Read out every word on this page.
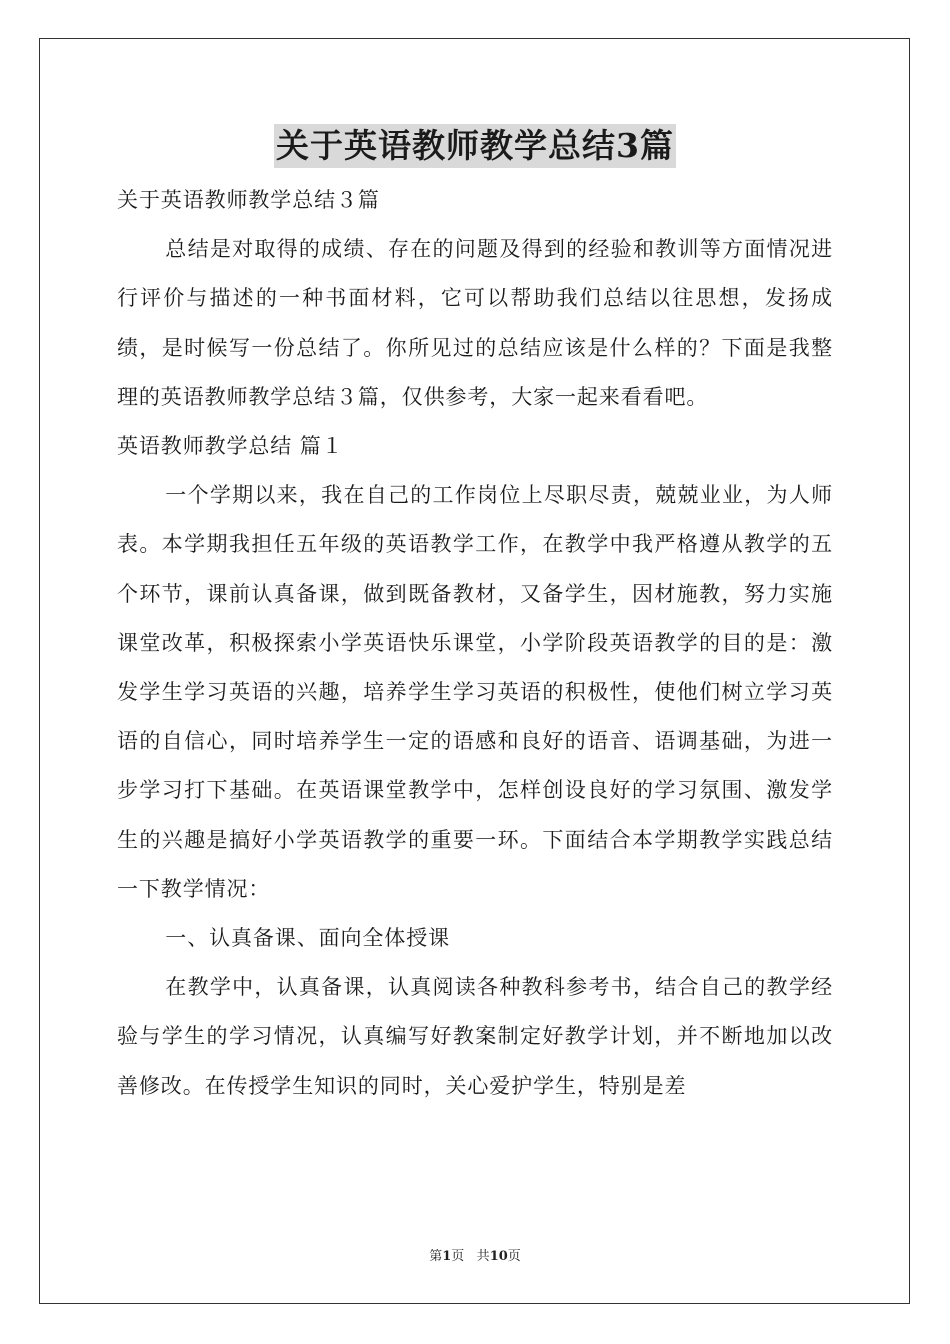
关于英语教师教学总结3篇

关于英语教师教学总结３篇

总结是对取得的成绩、存在的问题及得到的经验和教训等方面情况进行评价与描述的一种书面材料，它可以帮助我们总结以往思想，发扬成绩，是时候写一份总结了。你所见过的总结应该是什么样的？下面是我整理的英语教师教学总结３篇，仅供参考，大家一起来看看吧。

英语教师教学总结 篇１

一个学期以来，我在自己的工作岗位上尽职尽责，兢兢业业，为人师表。本学期我担任五年级的英语教学工作，在教学中我严格遵从教学的五个环节，课前认真备课，做到既备教材，又备学生，因材施教，努力实施课堂改革，积极探索小学英语快乐课堂，小学阶段英语教学的目的是：激发学生学习英语的兴趣，培养学生学习英语的积极性，使他们树立学习英语的自信心，同时培养学生一定的语感和良好的语音、语调基础，为进一步学习打下基础。在英语课堂教学中，怎样创设良好的学习氛围、激发学生的兴趣是搞好小学英语教学的重要一环。下面结合本学期教学实践总结一下教学情况：

一、认真备课、面向全体授课

在教学中，认真备课，认真阅读各种教科参考书，结合自己的教学经验与学生的学习情况，认真编写好教案制定好教学计划，并不断地加以改善修改。在传授学生知识的同时，关心爱护学生，特别是差

第1页 共10页
